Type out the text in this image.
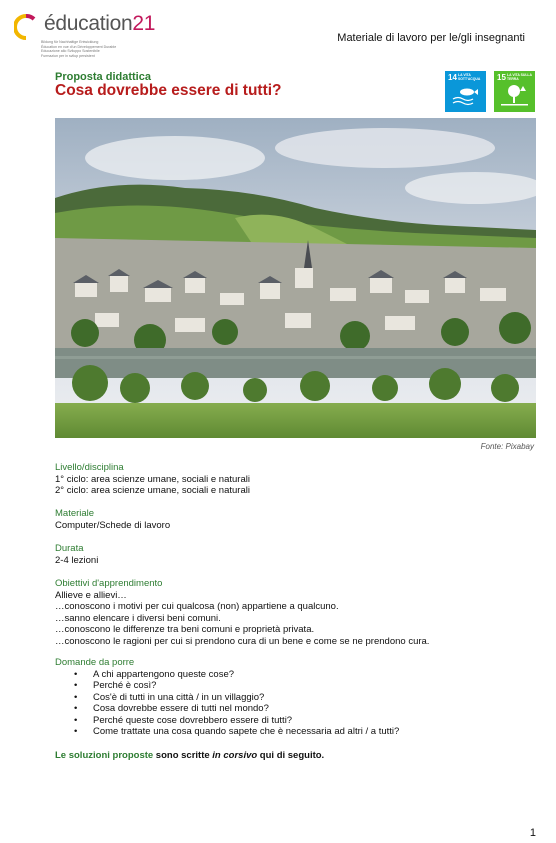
éducation21
Bildung für Nachhaltige Entwicklung
Éducation en vue d'un Développement Durable
Educazione allo Sviluppo Sostenibile
Furmaziun per in svilup persistent
Materiale di lavoro per le/gli insegnanti
Proposta didattica
Cosa dovrebbe essere di tutti?
14 LA VITA SOTT'ACQUA	15 LA VITA SULLA TERRA
Fonte: Pixabay

Livello/disciplina

1° ciclo: area scienze umane, sociali e naturali

2° ciclo: area scienze umane, sociali e naturali

Materiale

Computer/Schede di lavoro

Durata

2-4 lezioni

Obiettivi d'apprendimento

Allieve e allievi…

…conoscono i motivi per cui qualcosa (non) appartiene a qualcuno.

…sanno elencare i diversi beni comuni.

…conoscono le differenze tra beni comuni e proprietà privata.

…conoscono le ragioni per cui si prendono cura di un bene e come se ne prendono cura.

Domande da porre

• A chi appartengono queste cose?
• Perché è così?
• Cos'è di tutti in una città / in un villaggio?
• Cosa dovrebbe essere di tutti nel mondo?
• Perché queste cose dovrebbero essere di tutti?
• Come trattate una cosa quando sapete che è necessaria ad altri / a tutti?
Le soluzioni proposte sono scritte in corsivo qui di seguito.
1
